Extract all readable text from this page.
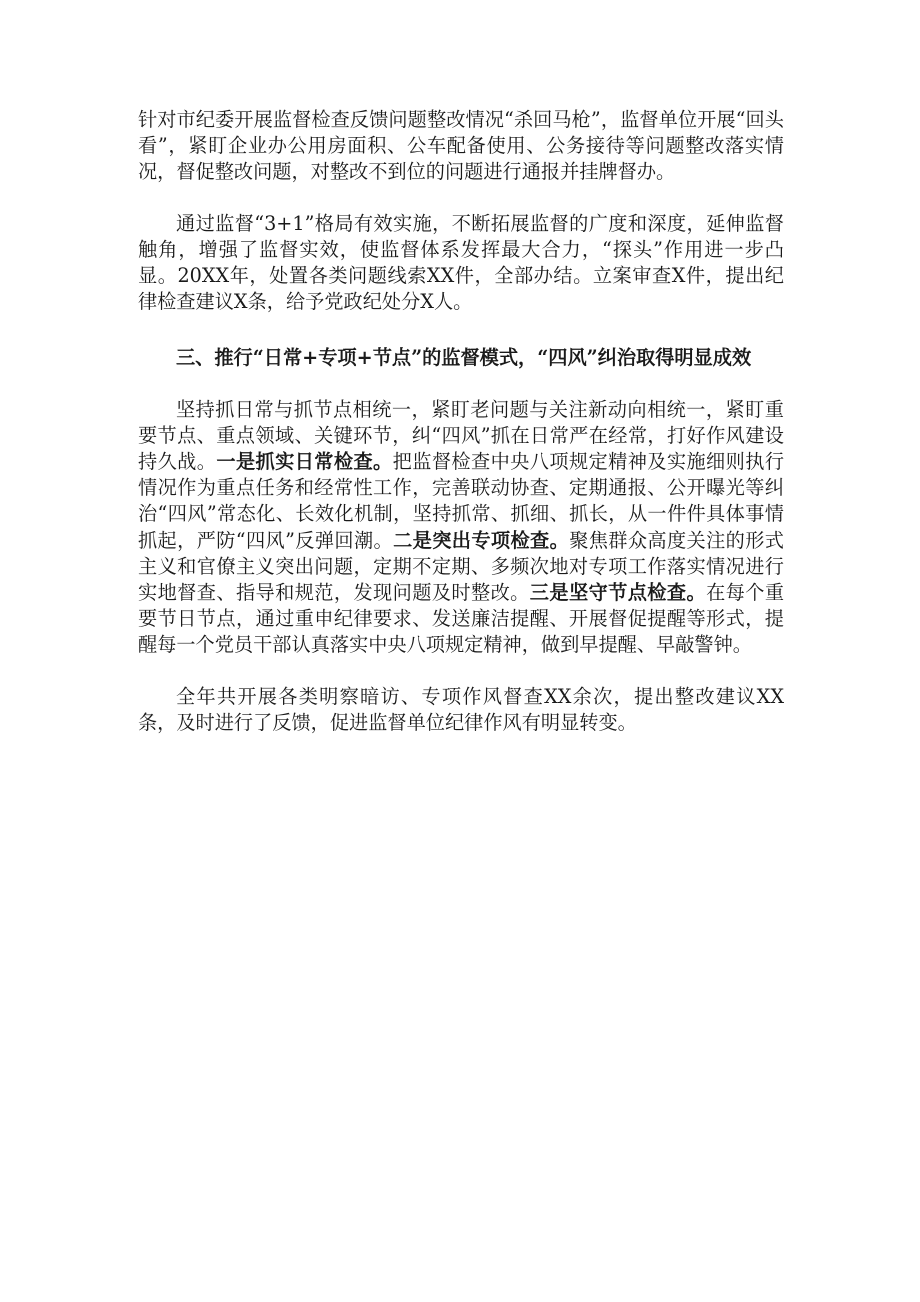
针对市纪委开展监督检查反馈问题整改情况“杀回马枪”，监督单位开展“回头看”，紧盯企业办公用房面积、公车配备使用、公务接待等问题整改落实情况，督促整改问题，对整改不到位的问题进行通报并挂牌督办。

通过监督“3+1”格局有效实施，不断拓展监督的广度和深度，延伸监督触角，增强了监督实效，使监督体系发挥最大合力，“探头”作用进一步凸显。20XX年，处置各类问题线索XX件，全部办结。立案审查X件，提出纪律检查建议X条，给予党政纪处分X人。

三、推行“日常+专项+节点”的监督模式，“四风”纠治取得明显成效

坚持抓日常与抓节点相统一，紧盯老问题与关注新动向相统一，紧盯重要节点、重点领域、关键环节，纠“四风”抓在日常严在经常，打好作风建设持久战。一是抓实日常检查。把监督检查中央八项规定精神及实施细则执行情况作为重点任务和经常性工作，完善联动协查、定期通报、公开曝光等纠治“四风”常态化、长效化机制，坚持抓常、抓细、抓长，从一件件具体事情抓起，严防“四风”反弹回潮。二是突出专项检查。聚焦群众高度关注的形式主义和官僚主义突出问题，定期不定期、多频次地对专项工作落实情况进行实地督查、指导和规范，发现问题及时整改。三是坚守节点检查。在每个重要节日节点，通过重申纪律要求、发送廉洁提醒、开展督促提醒等形式，提醒每一个党员干部认真落实中央八项规定精神，做到早提醒、早敲警钟。

全年共开展各类明察暗访、专项作风督查XX余次，提出整改建议XX条，及时进行了反馈，促进监督单位纪律作风有明显转变。
